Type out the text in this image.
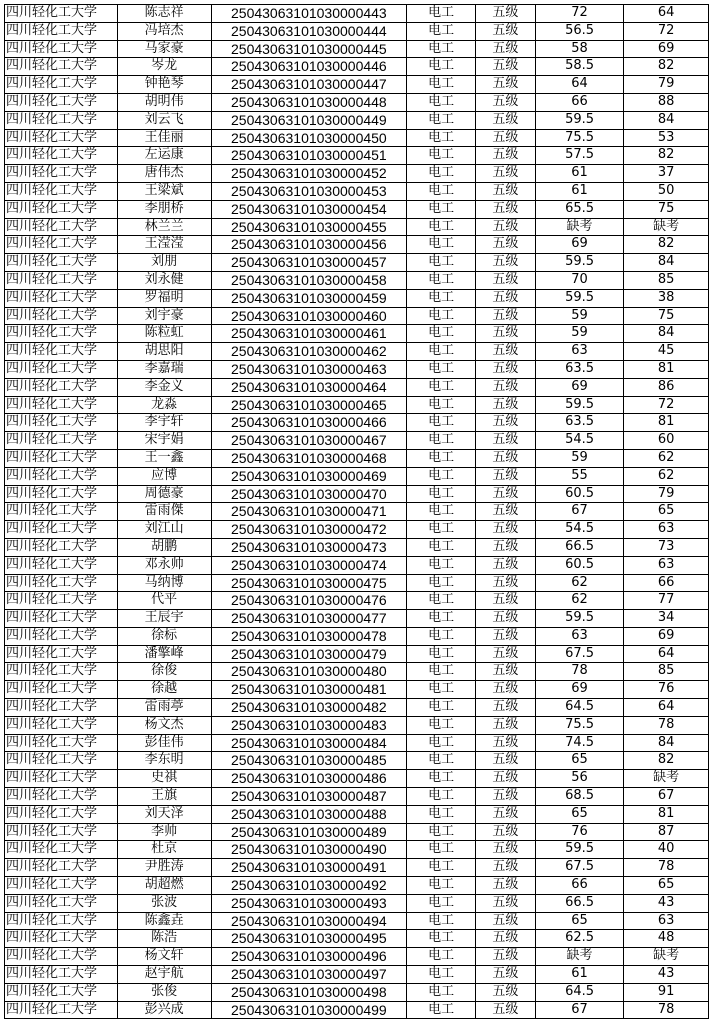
四川轻化工大学	陈志祥	25043063101030000443	电工	五级	72	64
四川轻化工大学	冯培杰	25043063101030000444	电工	五级	56.5	72
四川轻化工大学	马家豪	25043063101030000445	电工	五级	58	69
四川轻化工大学	岑龙	25043063101030000446	电工	五级	58.5	82
四川轻化工大学	钟艳琴	25043063101030000447	电工	五级	64	79
四川轻化工大学	胡明伟	25043063101030000448	电工	五级	66	88
四川轻化工大学	刘云飞	25043063101030000449	电工	五级	59.5	84
四川轻化工大学	王佳丽	25043063101030000450	电工	五级	75.5	53
四川轻化工大学	左运康	25043063101030000451	电工	五级	57.5	82
四川轻化工大学	唐伟杰	25043063101030000452	电工	五级	61	37
四川轻化工大学	王梁斌	25043063101030000453	电工	五级	61	50
四川轻化工大学	李朋桥	25043063101030000454	电工	五级	65.5	75
四川轻化工大学	林兰兰	25043063101030000455	电工	五级	缺考	缺考
四川轻化工大学	王滢滢	25043063101030000456	电工	五级	69	82
四川轻化工大学	刘朋	25043063101030000457	电工	五级	59.5	84
四川轻化工大学	刘永健	25043063101030000458	电工	五级	70	85
四川轻化工大学	罗福明	25043063101030000459	电工	五级	59.5	38
四川轻化工大学	刘宇豪	25043063101030000460	电工	五级	59	75
四川轻化工大学	陈粒虹	25043063101030000461	电工	五级	59	84
四川轻化工大学	胡思阳	25043063101030000462	电工	五级	63	45
四川轻化工大学	李嘉瑞	25043063101030000463	电工	五级	63.5	81
四川轻化工大学	李金义	25043063101030000464	电工	五级	69	86
四川轻化工大学	龙淼	25043063101030000465	电工	五级	59.5	72
四川轻化工大学	李宇轩	25043063101030000466	电工	五级	63.5	81
四川轻化工大学	宋宇娟	25043063101030000467	电工	五级	54.5	60
四川轻化工大学	王一鑫	25043063101030000468	电工	五级	59	62
四川轻化工大学	应博	25043063101030000469	电工	五级	55	62
四川轻化工大学	周德豪	25043063101030000470	电工	五级	60.5	79
四川轻化工大学	雷雨傑	25043063101030000471	电工	五级	67	65
四川轻化工大学	刘江山	25043063101030000472	电工	五级	54.5	63
四川轻化工大学	胡鹏	25043063101030000473	电工	五级	66.5	73
四川轻化工大学	邓永帅	25043063101030000474	电工	五级	60.5	63
四川轻化工大学	马纳博	25043063101030000475	电工	五级	62	66
四川轻化工大学	代平	25043063101030000476	电工	五级	62	77
四川轻化工大学	王辰宇	25043063101030000477	电工	五级	59.5	34
四川轻化工大学	徐标	25043063101030000478	电工	五级	63	69
四川轻化工大学	潘擎峰	25043063101030000479	电工	五级	67.5	64
四川轻化工大学	徐俊	25043063101030000480	电工	五级	78	85
四川轻化工大学	徐越	25043063101030000481	电工	五级	69	76
四川轻化工大学	雷雨葶	25043063101030000482	电工	五级	64.5	64
四川轻化工大学	杨文杰	25043063101030000483	电工	五级	75.5	78
四川轻化工大学	彭佳伟	25043063101030000484	电工	五级	74.5	84
四川轻化工大学	李东明	25043063101030000485	电工	五级	65	82
四川轻化工大学	史祺	25043063101030000486	电工	五级	56	缺考
四川轻化工大学	王旗	25043063101030000487	电工	五级	68.5	67
四川轻化工大学	刘天泽	25043063101030000488	电工	五级	65	81
四川轻化工大学	李帅	25043063101030000489	电工	五级	76	87
四川轻化工大学	杜京	25043063101030000490	电工	五级	59.5	40
四川轻化工大学	尹胜涛	25043063101030000491	电工	五级	67.5	78
四川轻化工大学	胡超燃	25043063101030000492	电工	五级	66	65
四川轻化工大学	张波	25043063101030000493	电工	五级	66.5	43
四川轻化工大学	陈鑫垚	25043063101030000494	电工	五级	65	63
四川轻化工大学	陈浩	25043063101030000495	电工	五级	62.5	48
四川轻化工大学	杨文轩	25043063101030000496	电工	五级	缺考	缺考
四川轻化工大学	赵宇航	25043063101030000497	电工	五级	61	43
四川轻化工大学	张俊	25043063101030000498	电工	五级	64.5	91
四川轻化工大学	彭兴成	25043063101030000499	电工	五级	67	78
